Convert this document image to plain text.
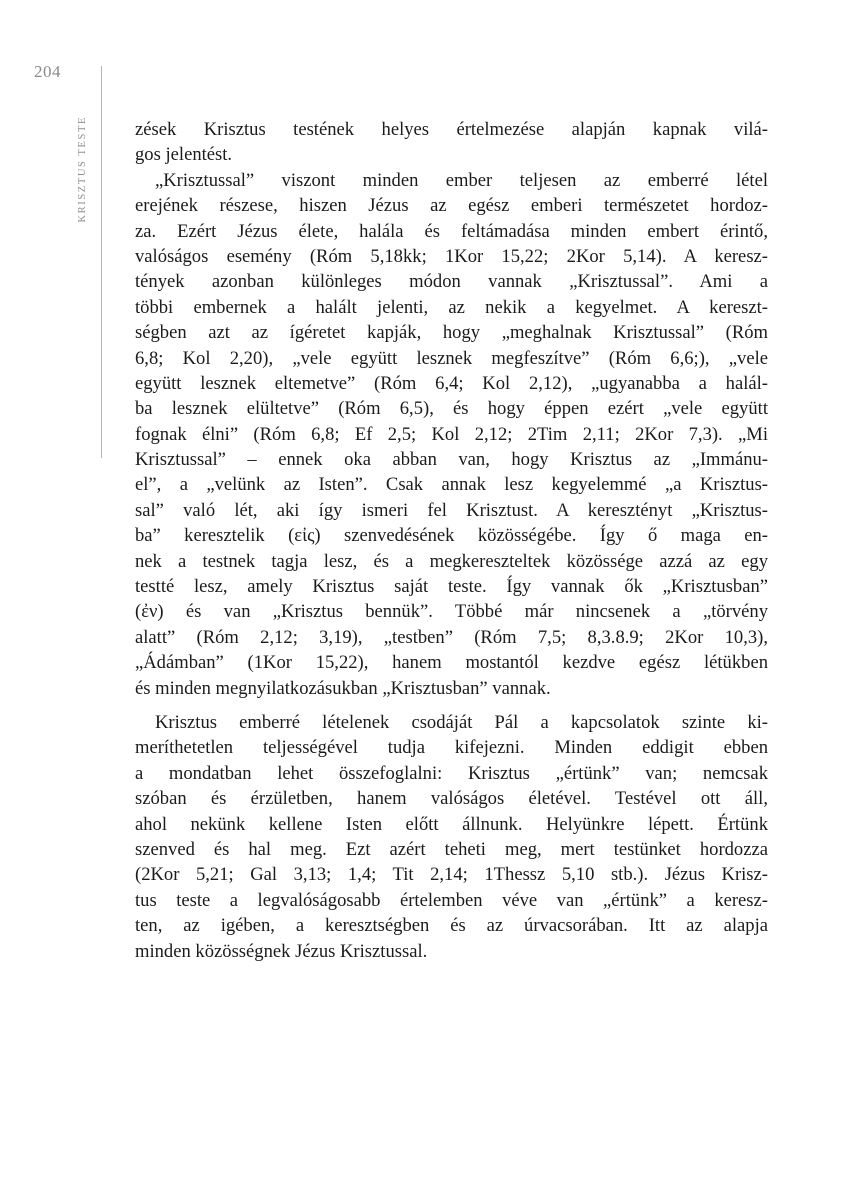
204
KRISZTUS TESTE	zések Krisztus testének helyes értelmezése alapján kapnak vilá-
gos jelentést.
„Krisztussal” viszont minden ember teljesen az emberré létel
erejének részese, hiszen Jézus az egész emberi természetet hordoz-
za. Ezért Jézus élete, halála és feltámadása minden embert érintő,
valóságos esemény (Róm 5,18kk; 1Kor 15,22; 2Kor 5,14). A keresz-
tények azonban különleges módon vannak „Krisztussal”. Ami a
többi embernek a halált jelenti, az nekik a kegyelmet. A kereszt-
ségben azt az ígéretet kapják, hogy „meghalnak Krisztussal” (Róm
6,8; Kol 2,20), „vele együtt lesznek megfeszítve” (Róm 6,6;), „vele
együtt lesznek eltemetve” (Róm 6,4; Kol 2,12), „ugyanabba a halál-
ba lesznek elültetve” (Róm 6,5), és hogy éppen ezért „vele együtt
fognak élni” (Róm 6,8; Ef 2,5; Kol 2,12; 2Tim 2,11; 2Kor 7,3). „Mi
Krisztussal” – ennek oka abban van, hogy Krisztus az „Immánu-
el”, a „velünk az Isten”. Csak annak lesz kegyelemmé „a Krisztus-
sal” való lét, aki így ismeri fel Krisztust. A keresztényt „Krisztus-
ba” keresztelik (εἰς) szenvedésének közösségébe. Így ő maga en-
nek a testnek tagja lesz, és a megkereszteltek közössége azzá az egy
testté lesz, amely Krisztus saját teste. Így vannak ők „Krisztusban”
(ἐν) és van „Krisztus bennük”. Többé már nincsenek a „törvény
alatt” (Róm 2,12; 3,19), „testben” (Róm 7,5; 8,3.8.9; 2Kor 10,3),
„Ádámban” (1Kor 15,22), hanem mostantól kezdve egész létükben
és minden megnyilatkozásukban „Krisztusban” vannak.
Krisztus emberré lételenek csodáját Pál a kapcsolatok szinte ki-
meríthetetlen teljességével tudja kifejezni. Minden eddigit ebben
a mondatban lehet összefoglalni: Krisztus „értünk” van; nemcsak
szóban és érzületben, hanem valóságos életével. Testével ott áll,
ahol nekünk kellene Isten előtt állnunk. Helyünkre lépett. Értünk
szenved és hal meg. Ezt azért teheti meg, mert testünket hordozza
(2Kor 5,21; Gal 3,13; 1,4; Tit 2,14; 1Thessz 5,10 stb.). Jézus Krisz-
tus teste a legvalóságosabb értelemben véve van „értünk” a keresz-
ten, az igében, a keresztségben és az úrvacsorában. Itt az alapja
minden közösségnek Jézus Krisztussal.
